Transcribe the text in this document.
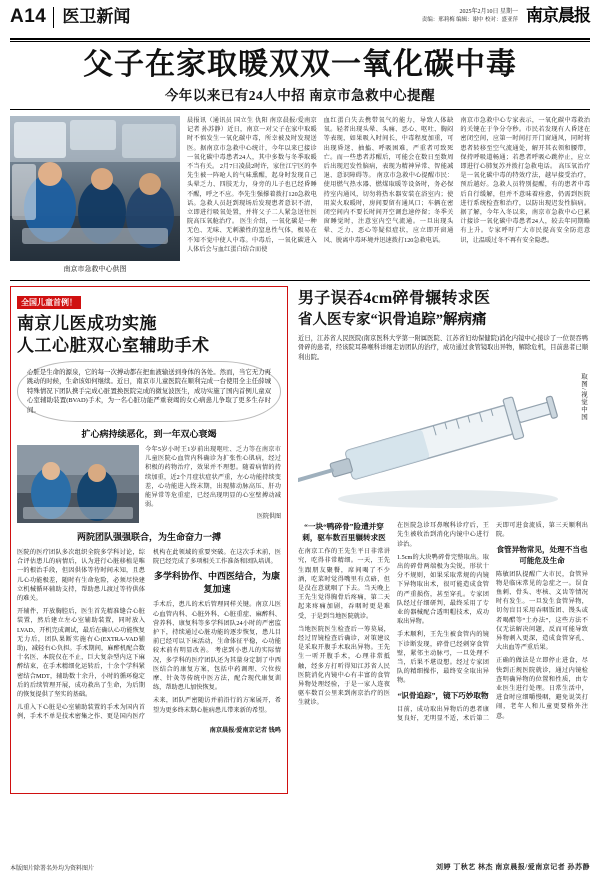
A14 医卫新闻	2025年2月10日 星期一
责编：邢莉梅 编辑：谢中 校对：盛亚萍 南京晨报
父子在家取暖双双一氧化碳中毒
今年以来已有24人中招 南京市急救中心提醒
南京市急救中心供图
晨报讯（通讯员 国立生 仇阳 南京晨报/爱南京记者 孙苏静）近日，南京一对父子在家中取暖时不慎发生一氧化碳中毒，所幸被及时发现送医。据南京市急救中心统计，今年以来已接诊一氧化碳中毒患者24人，其中多数与冬季取暖不当有关。 2月7日凌晨2时许，家住江宁区的李先生被一阵呛人的气味熏醒，起身时发现自己头晕乏力、四肢无力，身旁的儿子也已经昏睡不醒，呼之不应。李先生强撑着拨打120急救电话。急救人员赶到现场后发现患者意识不清，立即进行吸氧处置，并将父子二人紧急送往医院高压氧舱治疗。 医生介绍，一氧化碳是一种无色、无味、无刺激性的窒息性气体，极易在不知不觉中使人中毒。中毒后，一氧化碳进入人体后会与血红蛋白结合而使
血红蛋白失去携带氧气的能力，导致人体缺氧。轻者出现头晕、头痛、恶心、呕吐、胸闷等表现，如果吸入时间长，中毒程度加重，可出现昏迷、抽搐、呼吸困难，严重者可致死亡。而一些患者苏醒后，可能会在数日至数周后出现迟发性脑病，表现为精神异常、智能减退、意识障碍等。 南京市急救中心提醒市民：使用燃气热水器、燃煤取暖等设备时，务必保持室内通风，切勿将热水器安装在浴室内；使用炭火取暖时，房间要留有通风口；车辆在密闭空间内不要长时间开空调怠速停留；冬季关窗睡觉时，注意室内空气流通。一旦出现头晕、乏力、恶心等疑似症状，应立即开窗通风、脱离中毒环境并迅速拨打120急救电话。
南京市急救中心专家表示，一氧化碳中毒救治的关键在于争分夺秒。市民若发现有人昏迷在密闭空间，应第一时间打开门窗通风，同时将患者转移至空气流通处，解开其衣领和腰带，保持呼吸道畅通；若患者呼吸心跳停止，应立即进行心肺复苏并拨打急救电话。 高压氧治疗是一氧化碳中毒的特效疗法，越早接受治疗，预后越好。急救人员特别提醒，有的患者中毒后自行缓解，但并不意味着痊愈，仍需到医院进行系统检查和治疗，以防出现迟发性脑病。 据了解，今年入冬以来，南京市急救中心已累计接诊一氧化碳中毒患者24人，较去年同期略有上升。专家呼吁广大市民提高安全防范意识，让温暖过冬不再有安全隐患。
全国儿童首例！
南京儿医成功实施
人工心脏双心室辅助手术
心脏是生命的源泉，它的每一次搏动都在把血液输送到身体的各处。然而，当它无力再跳动的时候，生命该如何继续。近日，南京市儿童医院在顺利完成一台使用全主任薛城特殊情况下团队携手完成心脏置换医院完成的微复波医生，成功实施了国内首例儿童双心室辅助装置(BVAD)手术，为一名心脏功能严重衰竭的女心病患儿争取了更多生存时间。
扩心病持续恶化，到一年双心衰竭
今年5岁小时王1岁前出现呕吐、乏力等在南京市儿童医院心血管内科确诊为扩张性心肌病，经过积极的药物治疗，效果并不理想。随着病情的持续加重，近2个月症状症状严重，左心功能持续变差，心功能进入终末期，出现肺动脉高压、肝功能异常等危重症，已经出现明显的心室壁搏动减弱。
医院供图
两院团队强强联合，为生命奋力一搏

医院的医疗团队多次组织全院多学科讨论，综合评估患儿的病情后，认为进行心脏移植是唯一的根治手段，但因供体等待时间未知，且患儿心功能极差，随时有生命危险，必须尽快建立机械循环辅助支持，帮助患儿渡过等待供体的难关。

开辅件，开放胸腔后，医生首先精准缝合心脏装置，然后建立左心室辅助装置，同时放入LVAD、开机完成调试，最后在确认心功能恢复无力后，团队果断实施右心(EXTRA-VAD辅助)，减轻右心负担。手术期间，麻醉机配合数十名医、本院仅在不止，巨大复杂型内这下麻醉结束，在手术精细化运转后，十余个学科紧密结合MDT，辅助数十余升，小时的循环稳定后的后续管理开展，成功救出了生命，为后期的恢复提供了坚实的基础。

儿重入下心脏是心室辅助装置的手术为国内首例，手术不单是技术密集之作、更是国内医疗机构在此领域的重要突破。在这次手术前，医院已经完成了多项相关工作准备和团队培训。

多学科协作、中西医结合，为康复加速

手术后，患儿的术后管理同样关键。南京儿医心血管内科、心脏外科、心脏重症、麻醉科、营养科、康复科等多学科团队24小时的严密监护下，持续通过心脏功能的逐步恢复，患儿目前已经可以下床活动，生命体征平稳，心功能较术前有明显改善。 考虑到小患儿的实际情况，多学科的医疗团队还为其量身定制了中西医结合的康复方案，包括中药调理、穴位按摩、针灸等传统中医方法，配合现代康复训练，帮助患儿加快恢复。

未来，团队严密随访并前沿行的方案展开，希望为更多终末期心脏病患儿带来新的希望。

南京晨报/爱南京记者 钱鸣
男子误吞4cm碎骨辗转求医
省人医专家“识骨追踪”解病痛
近日，江苏省人民医院(南京医科大学第一附属医院、江苏省妇幼保健院)消化内镜中心接诊了一位误吞鸭骨碎的患者，经该院耳鼻喉科详细走访团队的治疗，成功通过食管镜取出异物，解除危机，目前患者已顺利出院。
取图/视觉中国

“一块“鸭碎骨”险遭并穿刺，驱车数百里辗转求医

在南京工作的王先生平日非常讲究，吃得非常精细。一天，王先生跟朋友聚餐，席间喝了不少酒，吃菜时觉得嘴里有点硌，但是没在意就咽了下去。当天晚上王先生觉得胸骨后疼痛，第二天起来疼痛加剧，吞咽时更是难受，于是到当地医院就诊。

当地医院医生检查后一筹莫展，经过胃镜检查后确诊，对策建议是采取开腹手术取出异物。王先生一听开腹手术，心理非常抵触，经多方打听得知江苏省人民医院消化内镜中心有丰富的食管异物处理经验，于是一家人连夜驱车数百公里来到南京治疗的医生就诊。

在医院急诊耳鼻喉科诊疗后，王先生被收治到消化内镜中心进行诊治。

1.5cm的大块鸭碎骨完整取出。取出的碎骨两端极为尖锐，形状十分不规则，如果采取常规的内镜下异物取出术，很可能造成食管的严重损伤，甚至穿孔。专家团队经过仔细研判，最终采用了专业的器械配合透明帽技术，成功取出异物。

手术顺利，王先生被食管内的镜下诊断发现，碎骨已经刺穿食管壁，紧邻主动脉弓，一旦处理不当，后果不堪设想。经过专家团队的精细操作，最终安全取出异物。

“识骨追踪”，镜下巧妙取物

目前，成功取出异物后的患者康复良好，无明显不适，术后第二天即可进食流质，第三天顺利出院。

食管异物常见，处理不当也可能危及生命

陈敏团队提醒广大市民，食管异物是临床常见的急症之一。误食鱼刺、骨头、枣核、义齿等情况时有发生。一旦发生食管异物，切勿盲目采用吞咽饭团、馒头或者喝醋等“土办法”，这些方法不仅无法解决问题，反而可能导致异物刺入更深，造成食管穿孔、大出血等严重后果。

正确的做法是立即停止进食，尽快到正规医院就诊，通过内镜检查明确异物的位置和性质，由专业医生进行处理。日常生活中，进食时应细嚼慢咽，避免说笑打闹，老年人和儿童更要格外注意。

本版图片除署名外均为资料图片	刘婷 丁秋艺 林杰 南京晨报/爱南京记者 孙苏静
